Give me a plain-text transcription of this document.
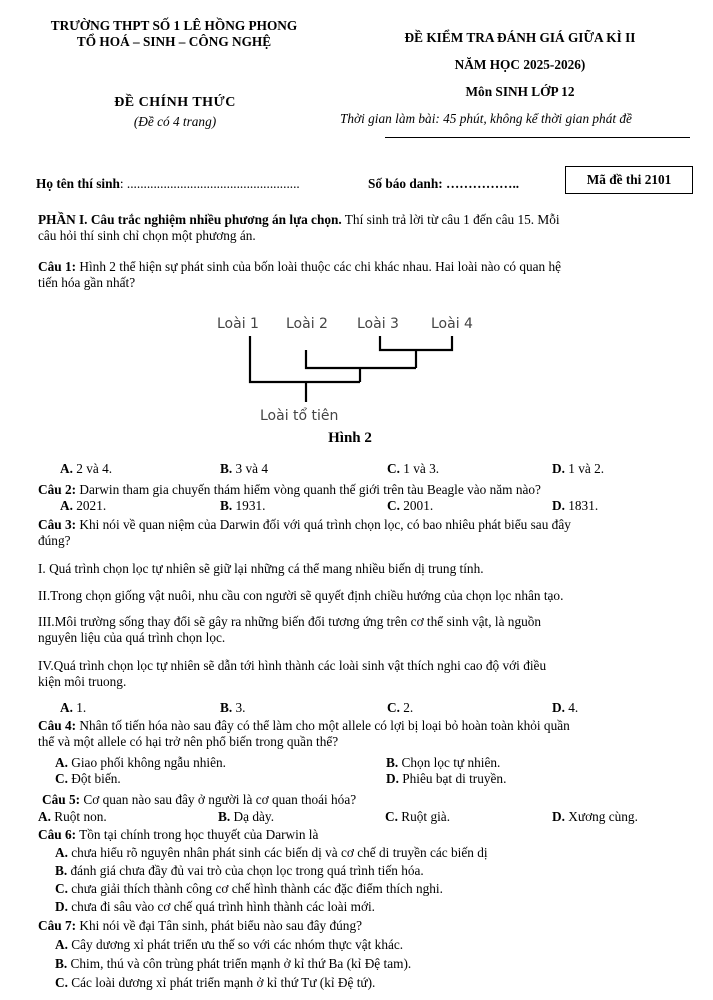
TRƯỜNG THPT SỐ 1 LÊ HỒNG PHONG
TỔ HOÁ – SINH – CÔNG NGHỆ	ĐỀ KIỂM TRA ĐÁNH GIÁ GIỮA KÌ II
NĂM HỌC 2025-2026)
ĐỀ CHÍNH THỨC
(Đề có 4 trang)
Môn SINH LỚP 12
Thời gian làm bài: 45 phút, không kể thời gian phát đề
Họ tên thí sinh: ....................................................	Số báo danh: ……………..	Mã đề thi 2101
PHẦN I. Câu trắc nghiệm nhiều phương án lựa chọn. Thí sinh trả lời từ câu 1 đến câu 15. Mỗi
câu hỏi thí sinh chỉ chọn một phương án.
Câu 1: Hình 2 thể hiện sự phát sinh của bốn loài thuộc các chi khác nhau. Hai loài nào có quan hệ
tiến hóa gần nhất?
Loài 1 Loài 2 Loài 3 Loài 4
Loài tổ tiên
Hình 2
A. 2 và 4.	B. 3 và 4	C. 1 và 3.	D. 1 và 2.
Câu 2: Darwin tham gia chuyến thám hiểm vòng quanh thế giới trên tàu Beagle vào năm nào?
A. 2021.	B. 1931.	C. 2001.	D. 1831.
Câu 3: Khi nói về quan niệm của Darwin đối với quá trình chọn lọc, có bao nhiêu phát biểu sau đây
đúng?
I. Quá trình chọn lọc tự nhiên sẽ giữ lại những cá thể mang nhiều biến dị trung tính.
II.Trong chọn giống vật nuôi, nhu cầu con người sẽ quyết định chiều hướng của chọn lọc nhân tạo.
III.Môi trường sống thay đổi sẽ gây ra những biến đổi tương ứng trên cơ thể sinh vật, là nguồn
nguyên liệu của quá trình chọn lọc.
IV.Quá trình chọn lọc tự nhiên sẽ dẫn tới hình thành các loài sinh vật thích nghi cao độ với điều
kiện môi truong.
A. 1.	B. 3.	C. 2.	D. 4.
Câu 4: Nhân tố tiến hóa nào sau đây có thể làm cho một allele có lợi bị loại bỏ hoàn toàn khỏi quần
thể và một allele có hại trở nên phổ biến trong quần thể?
A. Giao phối không ngẫu nhiên.	B. Chọn lọc tự nhiên.
C. Đột biến.	D. Phiêu bạt di truyền.
Câu 5: Cơ quan nào sau đây ở người là cơ quan thoái hóa?
A. Ruột non.	B. Dạ dày.	C. Ruột già.	D. Xương cùng.
Câu 6: Tồn tại chính trong học thuyết của Darwin là
A. chưa hiểu rõ nguyên nhân phát sinh các biến dị và cơ chế di truyền các biến dị
B. đánh giá chưa đầy đủ vai trò của chọn lọc trong quá trình tiến hóa.
C. chưa giải thích thành công cơ chế hình thành các đặc điểm thích nghi.
D. chưa đi sâu vào cơ chế quá trình hình thành các loài mới.
Câu 7: Khi nói về đại Tân sinh, phát biểu nào sau đây đúng?
A. Cây dương xỉ phát triển ưu thế so với các nhóm thực vật khác.
B. Chim, thú và côn trùng phát triển mạnh ở kỉ thứ Ba (kỉ Đệ tam).
C. Các loài dương xỉ phát triển mạnh ở kỉ thứ Tư (kỉ Đệ tứ).
